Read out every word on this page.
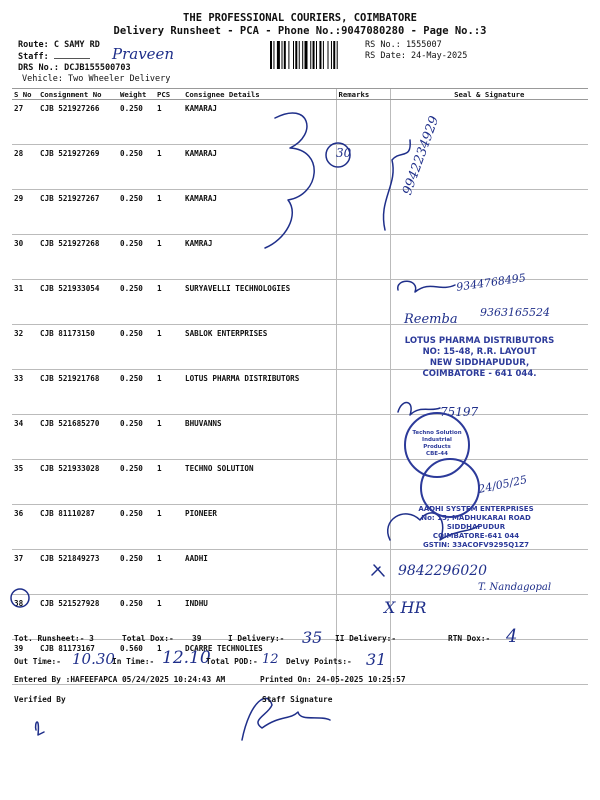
THE PROFESSIONAL COURIERS, COIMBATORE
Delivery Runsheet - PCA - Phone No.:9047080280 - Page No.:3
Route: C SAMY RD
Staff:	Praveen
DRS No.: DCJB155500703
Vehicle: Two Wheeler Delivery
RS No.: 1555007
RS Date: 24-May-2025
S No	Consignment No	Weight	PCS	Consignee Details	Remarks	Seal & Signature
27	CJB 521927266	0.250	1	KAMARAJ		
28	CJB 521927269	0.250	1	KAMARAJ		
29	CJB 521927267	0.250	1	KAMARAJ		
30	CJB 521927268	0.250	1	KAMRAJ		
31	CJB 521933054	0.250	1	SURYAVELLI TECHNOLOGIES		
32	CJB 81173150	0.250	1	SABLOK ENTERPRISES		
33	CJB 521921768	0.250	1	LOTUS PHARMA DISTRIBUTORS		
34	CJB 521685270	0.250	1	BHUVANNS		
35	CJB 521933028	0.250	1	TECHNO SOLUTION		
36	CJB 81110287	0.250	1	PIONEER		
37	CJB 521849273	0.250	1	AADHI		
38	CJB 521527928	0.250	1	INDHU		
39	CJB 81173167	0.560	1	DCARRE TECHNOLIES		
30	9942234929
9344768495
9363165524
75197
24/05/25
9842296020
T. Nandagopal
X HR
LOTUS PHARMA DISTRIBUTORS
NO: 15-48, R.R. LAYOUT
NEW SIDDHAPUDUR,
COIMBATORE - 641 044.
Reemba
Techno Solution
Industrial Products
CBE-44
AADHI SYSTEM ENTERPRISES
No: 15, MADHUKARAI ROAD
SIDDHAPUDUR
COIMBATORE-641 044
GSTIN: 33ACOFV9295Q1Z7
Tot. Runsheet:- 3	Total Dox:- 39	I Delivery:- 35 II Delivery:-	RTN Dox:- 4
Out Time:- 10.30
In Time:- 12.10
Total POD:- 12 Delvy Points:- 31
Entered By :HAFEEFAPCA 05/24/2025 10:24:43 AM	Printed On: 24-05-2025 10:25:57
Verified By	Staff Signature
